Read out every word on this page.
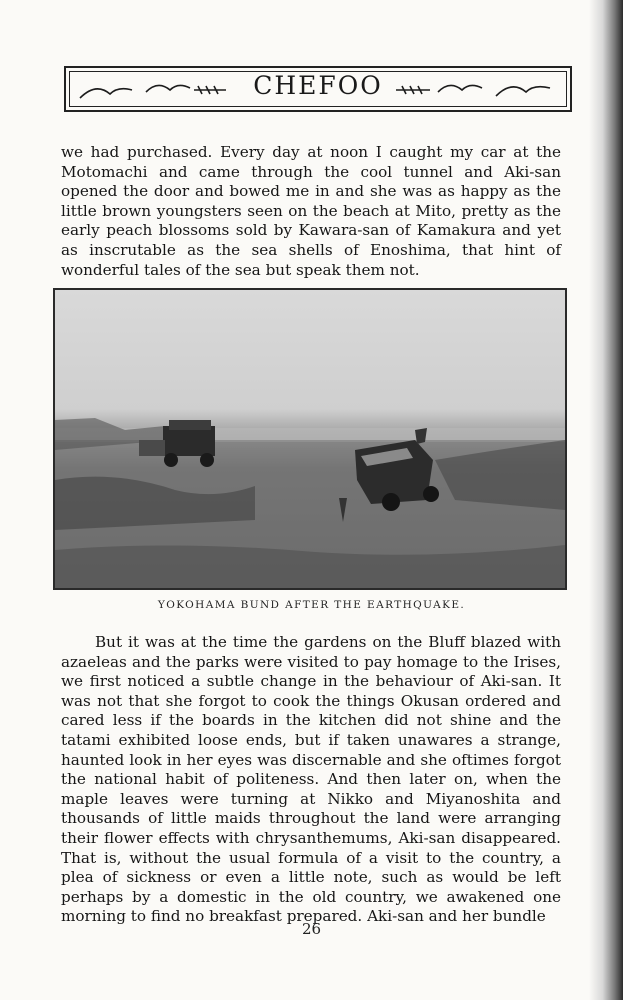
CHEFOO

we had purchased. Every day at noon I caught my car at the Motomachi and came through the cool tunnel and Aki-san opened the door and bowed me in and she was as happy as the little brown youngsters seen on the beach at Mito, pretty as the early peach blossoms sold by Kawara-san of Kamakura and yet as inscrutable as the sea shells of Enoshima, that hint of wonderful tales of the sea but speak them not.

YOKOHAMA BUND AFTER THE EARTHQUAKE.

But it was at the time the gardens on the Bluff blazed with azaeleas and the parks were visited to pay homage to the Irises, we first noticed a subtle change in the behaviour of Aki-san. It was not that she forgot to cook the things Okusan ordered and cared less if the boards in the kitchen did not shine and the tatami exhibited loose ends, but if taken unawares a strange, haunted look in her eyes was discernable and she oftimes forgot the national habit of politeness. And then later on, when the maple leaves were turning at Nikko and Miyanoshita and thousands of little maids throughout the land were arranging their flower effects with chrysanthemums, Aki-san disappeared. That is, without the usual formula of a visit to the country, a plea of sickness or even a little note, such as would be left perhaps by a domestic in the old country, we awakened one morning to find no breakfast prepared. Aki-san and her bundle

26
